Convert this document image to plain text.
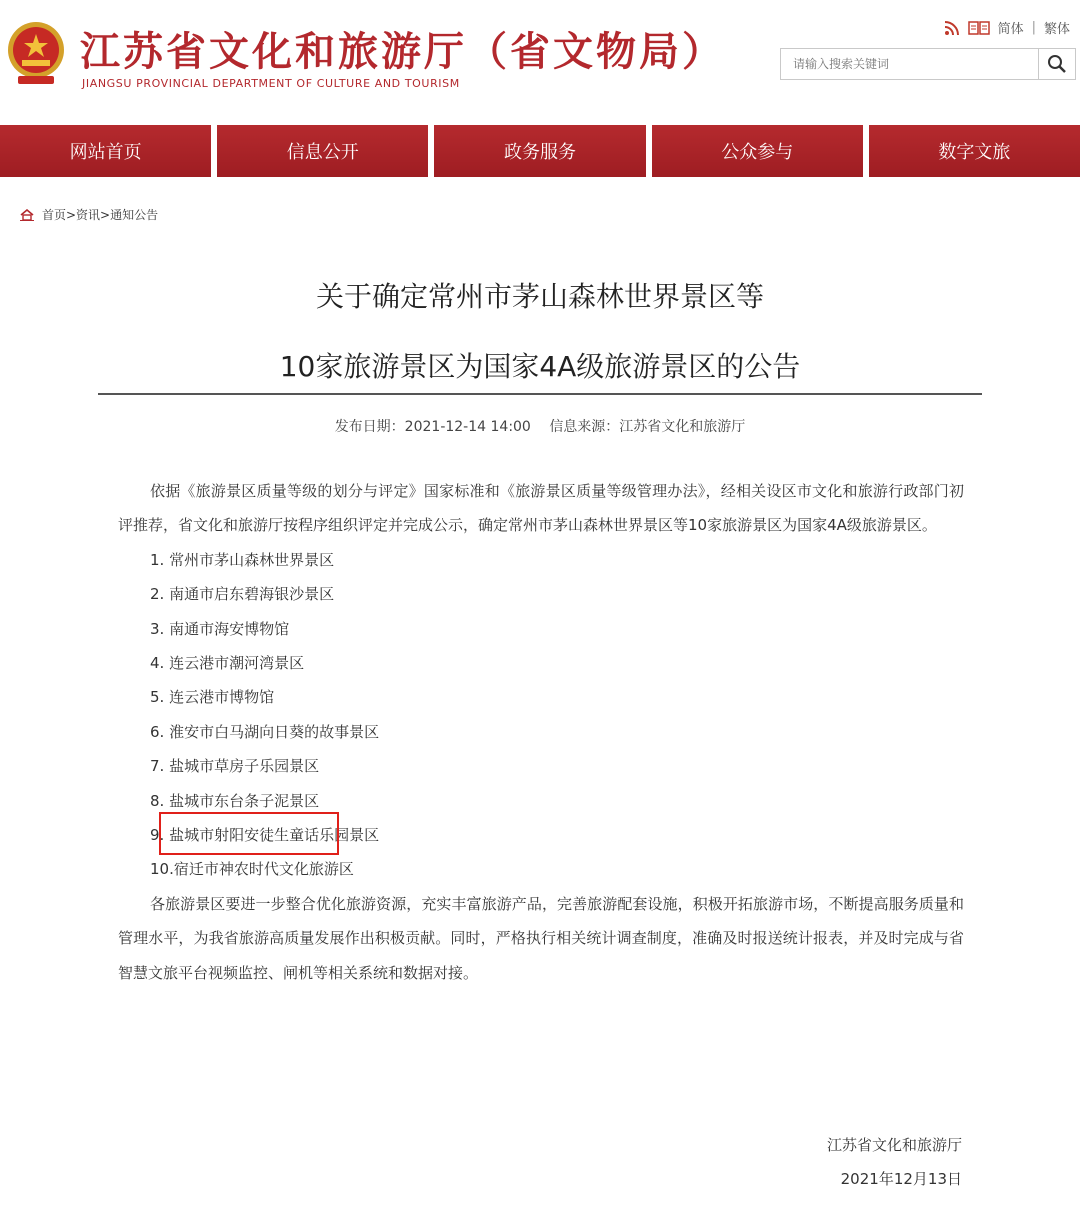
江苏省文化和旅游厅（省文物局）
JIANGSU PROVINCIAL DEPARTMENT OF CULTURE AND TOURISM
简体 | 繁体
请输入搜索关键词
网站首页	信息公开	政务服务	公众参与	数字文旅
首页>资讯>通知公告
关于确定常州市茅山森林世界景区等
10家旅游景区为国家4A级旅游景区的公告
发布日期：2021-12-14 14:00 信息来源：江苏省文化和旅游厅

依据《旅游景区质量等级的划分与评定》国家标准和《旅游景区质量等级管理办法》，经相关设区市文化和旅游行政部门初评推荐，省文化和旅游厅按程序组织评定并完成公示，确定常州市茅山森林世界景区等10家旅游景区为国家4A级旅游景区。

1. 常州市茅山森林世界景区
2. 南通市启东碧海银沙景区
3. 南通市海安博物馆
4. 连云港市潮河湾景区
5. 连云港市博物馆
6. 淮安市白马湖向日葵的故事景区
7. 盐城市草房子乐园景区
8. 盐城市东台条子泥景区
9. 盐城市射阳安徒生童话乐园景区
10.宿迁市神农时代文化旅游区

各旅游景区要进一步整合优化旅游资源，充实丰富旅游产品，完善旅游配套设施，积极开拓旅游市场，不断提高服务质量和管理水平，为我省旅游高质量发展作出积极贡献。同时，严格执行相关统计调查制度，准确及时报送统计报表，并及时完成与省智慧文旅平台视频监控、闸机等相关系统和数据对接。

江苏省文化和旅游厅
2021年12月13日
